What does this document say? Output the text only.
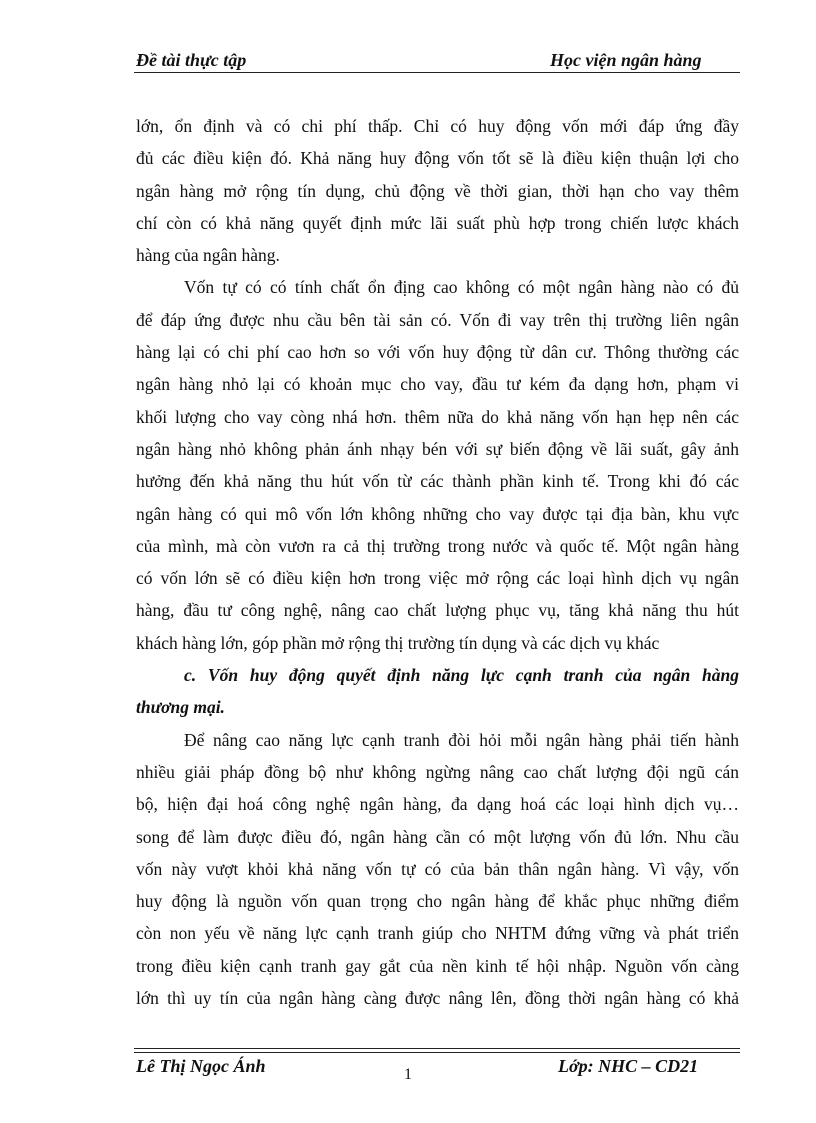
Đề tài thực tập	Học viện ngân hàng
lớn, ổn định và có chi phí thấp. Chỉ có huy động vốn mới đáp ứng đầy
đủ các điều kiện đó. Khả năng huy động vốn tốt sẽ là điều kiện thuận lợi cho
ngân hàng mở rộng tín dụng, chủ động về thời gian, thời hạn cho vay thêm
chí còn có khả năng quyết định mức lãi suất phù hợp trong chiến lược khách
hàng của ngân hàng.
Vốn tự có có tính chất ổn địng cao không có một ngân hàng nào có đủ
để đáp ứng được nhu cầu bên tài sản có. Vốn đi vay trên thị trường liên ngân
hàng lại có chi phí cao hơn so với vốn huy động từ dân cư. Thông thường các
ngân hàng nhỏ lại có khoản mục cho vay, đầu tư kém đa dạng hơn, phạm vi
khối lượng cho vay còng nhá hơn. thêm nữa do khả năng vốn hạn hẹp nên các
ngân hàng nhỏ không phản ánh nhạy bén với sự biến động về lãi suất, gây ảnh
hưởng đến khả năng thu hút vốn từ các thành phần kinh tế. Trong khi đó các
ngân hàng có qui mô vốn lớn không những cho vay được tại địa bàn, khu vực
của mình, mà còn vươn ra cả thị trường trong nước và quốc tế. Một ngân hàng
có vốn lớn sẽ có điều kiện hơn trong việc mở rộng các loại hình dịch vụ ngân
hàng, đầu tư công nghệ, nâng cao chất lượng phục vụ, tăng khả năng thu hút
khách hàng lớn, góp phần mở rộng thị trường tín dụng và các dịch vụ khác
c. Vốn huy động quyết định năng lực cạnh tranh của ngân hàng
thương mại.
Để nâng cao năng lực cạnh tranh đòi hỏi mỗi ngân hàng phải tiến hành
nhiều giải pháp đồng bộ như không ngừng nâng cao chất lượng đội ngũ cán
bộ, hiện đại hoá công nghệ ngân hàng, đa dạng hoá các loại hình dịch vụ…
song để làm được điều đó, ngân hàng cần có một lượng vốn đủ lớn. Nhu cầu
vốn này vượt khỏi khả năng vốn tự có của bản thân ngân hàng. Vì vậy, vốn
huy động là nguồn vốn quan trọng cho ngân hàng để khắc phục những điểm
còn non yếu về năng lực cạnh tranh giúp cho NHTM đứng vững và phát triển
trong điều kiện cạnh tranh gay gắt của nền kinh tế hội nhập. Nguồn vốn càng
lớn thì uy tín của ngân hàng càng được nâng lên, đồng thời ngân hàng có khả
Lê Thị Ngọc Ánh	1	Lớp: NHC – CD21
